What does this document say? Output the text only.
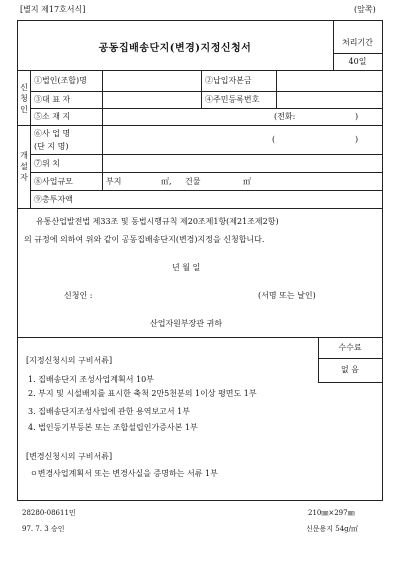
[별지 제17호서식]	(앞쪽)
공동집배송단지(변경)지정신청서
처리기간
40일
신
청
인
①법인(조합)명	②납입자본금
③대 표 자	④주민등록번호
⑤소 재 지	(전화:	)
개
설
자
⑥사 업 명
(단 지 명)
(	)
⑦위 치
⑧사업규모	부지	㎡, 건물	㎡
⑨총투자액
유통산업발전법 제33조 및 동법시행규칙 제20조제1항(제21조제2항)
의 규정에 의하여 위와 같이 공동집배송단지(변경)지정을 신청합니다.
년 월 일
신청인 :	(서명 또는 날인)
산업자원부장관 귀하
[지정신청시의 구비서류]
1. 집배송단지 조성사업계획서 10부
2. 부지 및 시설배치를 표시한 축척 2만5천분의 1이상 평면도 1부
3. 집배송단지조성사업에 관한 용역보고서 1부
4. 법인등기부등본 또는 조합설립인가증사본 1부
[변경신청시의 구비서류]
ㅇ변경사업계획서 또는 변경사실을 증명하는 서류 1부
수수료
없 음
28280-08611민
97. 7. 3 승인
210㎜×297㎜
신문용지 54g/㎡
